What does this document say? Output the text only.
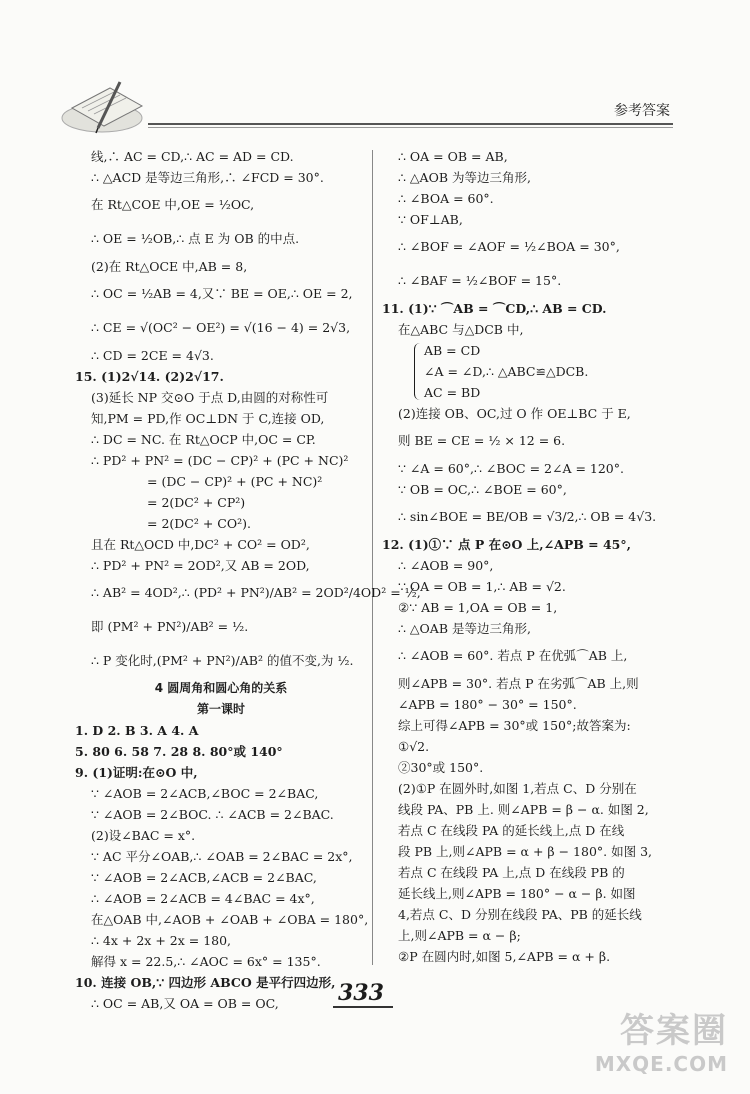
参考答案
线,∴ AC = CD,∴ AC = AD = CD.
∴ △ACD 是等边三角形,∴ ∠FCD = 30°.
在 Rt△COE 中,OE = ½OC,
∴ OE = ½OB,∴ 点 E 为 OB 的中点.
(2)在 Rt△OCE 中,AB = 8,
∴ OC = ½AB = 4,又∵ BE = OE,∴ OE = 2,
∴ CE = √(OC² − OE²) = √(16 − 4) = 2√3,
∴ CD = 2CE = 4√3.
15. (1)2√14. (2)2√17.
(3)延长 NP 交⊙O 于点 D,由圆的对称性可
知,PM = PD,作 OC⊥DN 于 C,连接 OD,
∴ DC = NC. 在 Rt△OCP 中,OC = CP.
∴ PD² + PN² = (DC − CP)² + (PC + NC)²
= (DC − CP)² + (PC + NC)²
= 2(DC² + CP²)
= 2(DC² + CO²).
且在 Rt△OCD 中,DC² + CO² = OD²,
∴ PD² + PN² = 2OD²,又 AB = 2OD,
∴ AB² = 4OD²,∴ (PD² + PN²)/AB² = 2OD²/4OD² = ½,
即 (PM² + PN²)/AB² = ½.
∴ P 变化时,(PM² + PN²)/AB² 的值不变,为 ½.
4 圆周角和圆心角的关系
第一课时
1. D 2. B 3. A 4. A
5. 80 6. 58 7. 28 8. 80°或 140°
9. (1)证明:在⊙O 中,
∵ ∠AOB = 2∠ACB,∠BOC = 2∠BAC,
∵ ∠AOB = 2∠BOC. ∴ ∠ACB = 2∠BAC.
(2)设∠BAC = x°.
∵ AC 平分∠OAB,∴ ∠OAB = 2∠BAC = 2x°,
∵ ∠AOB = 2∠ACB,∠ACB = 2∠BAC,
∴ ∠AOB = 2∠ACB = 4∠BAC = 4x°,
在△OAB 中,∠AOB + ∠OAB + ∠OBA = 180°,
∴ 4x + 2x + 2x = 180,
解得 x = 22.5,∴ ∠AOC = 6x° = 135°.
10. 连接 OB,∵ 四边形 ABCO 是平行四边形,
∴ OC = AB,又 OA = OB = OC,
∴ OA = OB = AB,
∴ △AOB 为等边三角形,
∴ ∠BOA = 60°.
∵ OF⊥AB,
∴ ∠BOF = ∠AOF = ½∠BOA = 30°,
∴ ∠BAF = ½∠BOF = 15°.
11. (1)∵ ⌒AB = ⌒CD,∴ AB = CD.
在△ABC 与△DCB 中,
AB = CD
∠A = ∠D,∴ △ABC≌△DCB.
AC = BD
(2)连接 OB、OC,过 O 作 OE⊥BC 于 E,
则 BE = CE = ½ × 12 = 6.
∵ ∠A = 60°,∴ ∠BOC = 2∠A = 120°.
∵ OB = OC,∴ ∠BOE = 60°,
∴ sin∠BOE = BE/OB = √3/2,∴ OB = 4√3.
12. (1)①∵ 点 P 在⊙O 上,∠APB = 45°,
∴ ∠AOB = 90°,
∵ OA = OB = 1,∴ AB = √2.
②∵ AB = 1,OA = OB = 1,
∴ △OAB 是等边三角形,
∴ ∠AOB = 60°. 若点 P 在优弧⌒AB 上,
则∠APB = 30°. 若点 P 在劣弧⌒AB 上,则
∠APB = 180° − 30° = 150°.
综上可得∠APB = 30°或 150°;故答案为:
①√2.
②30°或 150°.
(2)①P 在圆外时,如图 1,若点 C、D 分别在
线段 PA、PB 上. 则∠APB = β − α. 如图 2,
若点 C 在线段 PA 的延长线上,点 D 在线
段 PB 上,则∠APB = α + β − 180°. 如图 3,
若点 C 在线段 PA 上,点 D 在线段 PB 的
延长线上,则∠APB = 180° − α − β. 如图
4,若点 C、D 分别在线段 PA、PB 的延长线
上,则∠APB = α − β;
②P 在圆内时,如图 5,∠APB = α + β.
333
答案圈
MXQE.COM
